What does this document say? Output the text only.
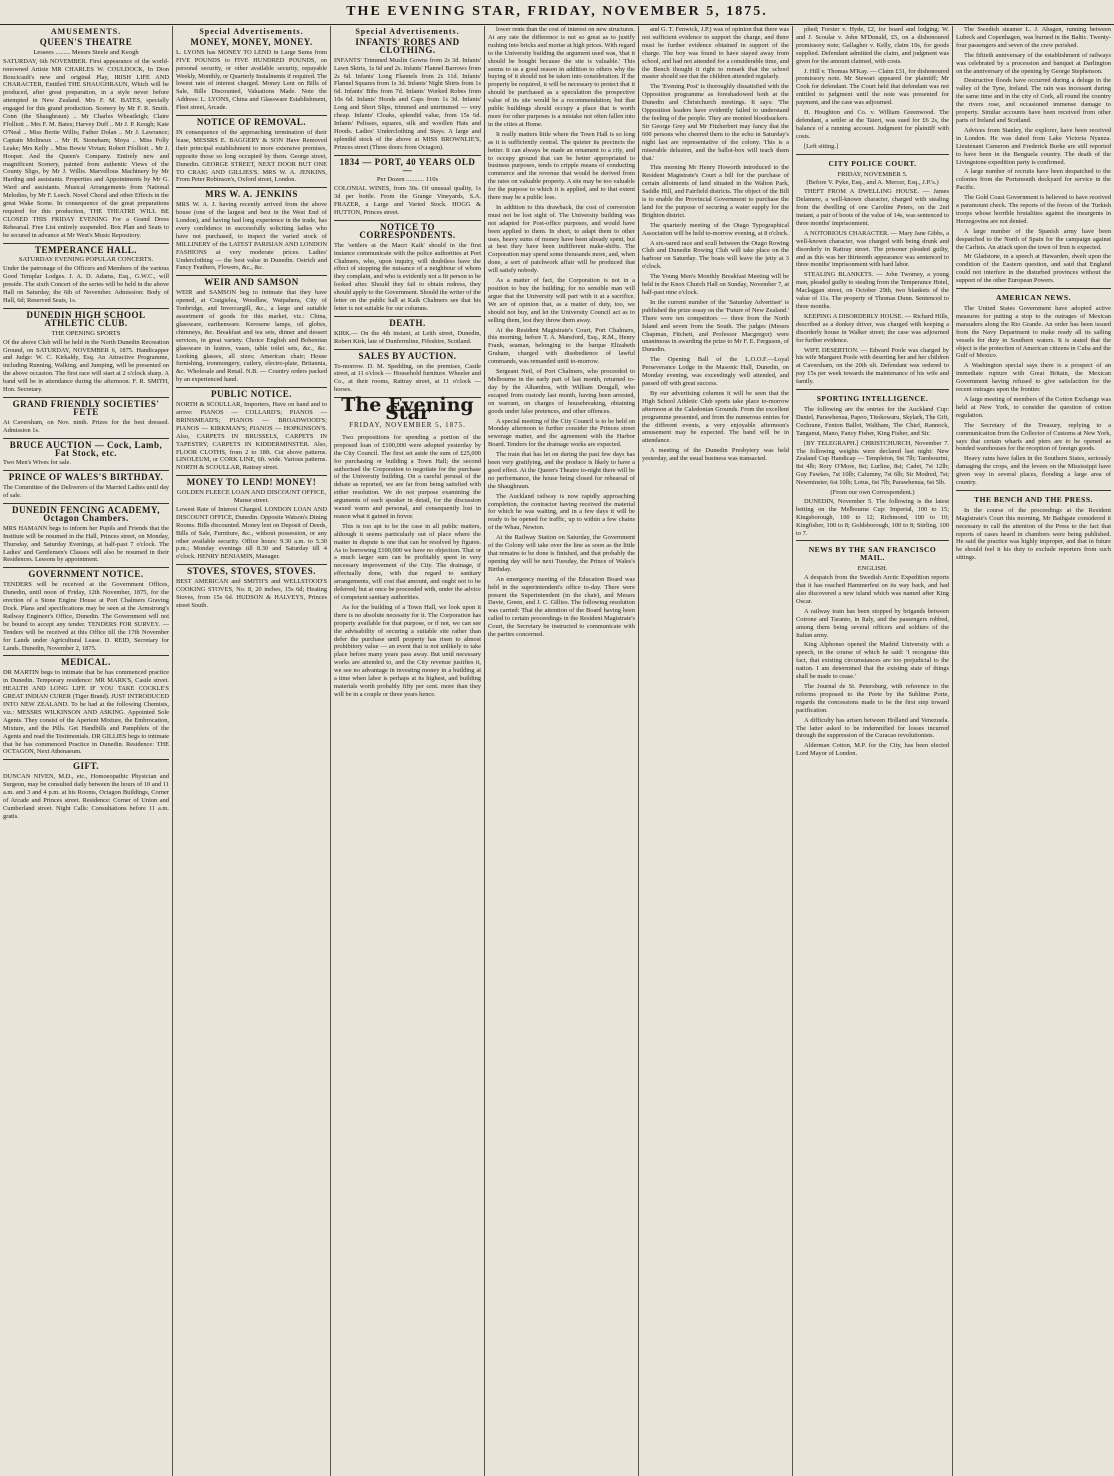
THE EVENING STAR, FRIDAY, NOVEMBER 5, 1875.
AMUSEMENTS.
QUEEN'S THEATRE
Lessees ......... Messrs Steele and Keogh
SATURDAY, 6th NOVEMBER. First appearance of the world-renowned Artiste MR CHARLES W. COULDOCK, In Dion Boucicault's new and original Play, IRISH LIFE AND CHARACTER, Entitled THE SHAUGHRAUN, Which will be produced, after great preparation, in a style never before attempted in New Zealand. Mrs F. M. BATES, specially engaged for this grand production. Scenery by Mr F. R. Smith. Conn (the Shaughraun) .. Mr Charles Wheatleigh; Claire Ffolliott .. Mrs F. M. Bates; Harvey Duff .. Mr J. P. Keogh; Kate O'Neal .. Miss Bertie Willis; Father Dolan .. Mr J. Lawrance; Captain Molineux .. Mr H. Stoneham; Moya .. Miss Polly Leake; Mrs Kelly .. Miss Bowie Vivian; Robert Ffolliott .. Mr J. Hooper. And the Queen's Company. Entirely new and magnificent Scenery, painted from authentic Views of the County Sligo, by Mr J. Willis. Marvellous Machinery by Mr Harding and assistants. Properties and Appointments by Mr G. Ward and assistants. Musical Arrangements from National Melodies, by Mr F. Leech. Novel Choral and other Effects in the great Wake Scene. In consequence of the great preparations required for this production, THE THEATRE WILL BE CLOSED THIS FRIDAY EVENING For a Grand Dress Rehearsal. Free List entirely suspended. Box Plan and Seats to be secured in advance at Mr West's Music Repository.
TEMPERANCE HALL.
SATURDAY EVENING POPULAR CONCERTS.
Under the patronage of the Officers and Members of the various Good Templar Lodges. J. A. D. Adams, Esq., G.W.C., will preside. The sixth Concert of the series will be held in the above Hall on Saturday, the 6th of November. Admission: Body of Hall, 6d; Reserved Seats, 1s.
DUNEDIN HIGH SCHOOL ATHLETIC CLUB.
THE OPENING SPORTS
Of the above Club will be held in the North Dunedin Recreation Ground, on SATURDAY, NOVEMBER 6, 1875. Handicapper and Judge: W. C. Kirkaldy, Esq. An Attractive Programme, including Running, Walking, and Jumping, will be presented on the above occasion. The first race will start at 2 o'clock sharp. A band will be in attendance during the afternoon. F. R. SMITH, Hon. Secretary.
GRAND FRIENDLY SOCIETIES' FETE
At Caversham, on Nov. ninth. Prizes for the best dressed. Admission 1s.
BRUCE AUCTION — Cock, Lamb, Fat Stock, etc.
Two Men's Wives for sale.
PRINCE OF WALES'S BIRTHDAY.
The Committee of the Deliverers of the Married Ladies until day of sale.
DUNEDIN FENCING ACADEMY, Octagon Chambers.
MRS HAMANN begs to inform her Pupils and Friends that the Institute will be resumed in the Hall, Princes street, on Monday, Thursday, and Saturday Evenings, at half-past 7 o'clock. The Ladies' and Gentlemen's Classes will also be resumed in their Residences. Lessons by appointment.
GOVERNMENT NOTICE.
TENDERS will be received at the Government Offices, Dunedin, until noon of Friday, 12th November, 1875, for the erection of a Stone Engine House at Port Chalmers Graving Dock. Plans and specifications may be seen at the Armstrong's Railway Engineer's Office, Dunedin. The Government will not be bound to accept any tender. TENDERS FOR SURVEY. — Tenders will be received at this Office till the 17th November for Lands under Agricultural Lease. D. REID, Secretary for Lands. Dunedin, November 2, 1875.
MEDICAL.
DR MARTIN begs to intimate that he has commenced practice in Dunedin. Temporary residence: MR MARK'S, Castle street. HEALTH AND LONG LIFE IF YOU TAKE COCKLE'S GREAT INDIAN CURER (Tiger Brand). JUST INTRODUCED INTO NEW ZEALAND. To be had at the following Chemists, viz.: MESSRS WILKINSON AND ASKING. Appointed Sole Agents. They consist of the Aperient Mixture, the Embrocation, Mixture, and the Pills. Get Handbills and Pamphlets of the Agents and read the Testimonials. DR GILLIES begs to intimate that he has commenced Practice in Dunedin. Residence: THE OCTAGON, Next Athenaeum.
GIFT.
DUNCAN NIVEN, M.D., etc., Homoeopathic Physician and Surgeon, may be consulted daily between the hours of 10 and 11 a.m. and 3 and 4 p.m. at his Rooms, Octagon Buildings, Corner of Arcade and Princes street. Residence: Corner of Union and Cumberland street. Night Calls: Consultations before 11 a.m. gratis.
Special Advertisements.
MONEY, MONEY, MONEY.
L. LYONS has MONEY TO LEND in Large Sums from FIVE POUNDS to FIVE HUNDRED POUNDS, on personal security, or other available security, repayable Weekly, Monthly, or Quarterly Instalments if required. The lowest rate of interest charged. Money Lent on Bills of Sale, Bills Discounted, Valuations Made. Note the Address: L. LYONS, China and Glassware Establishment, Fleet street, Arcade.
NOTICE OF REMOVAL.
IN consequence of the approaching termination of their lease, MESSRS E. BAGGERY & SON Have Removed their principal establishment to more extensive premises, opposite those so long occupied by them. George street, Dunedin. GEORGE STREET, NEXT DOOR BUT ONE TO CRAIG AND GILLIES'S. MRS W. A. JENKINS, From Peter Robinson's, Oxford street, London.
MRS W. A. JENKINS
MRS W. A. J. having recently arrived from the above house (one of the largest and best in the West End of London), and having had long experience in the trade, has every confidence in successfully soliciting ladies who have not purchased, to inspect the varied stock of MILLINERY of the LATEST PARISIAN AND LONDON FASHIONS at very moderate prices. Ladies' Underclothing — the best value in Dunedin. Ostrich and Fancy Feathers, Flowers, &c., &c.
WEIR AND SAMSON
WEIR and SAMSON beg to intimate that they have opened, at Craigielea, Woodlaw, Waipahera, City of Tonbridge, and Invercargill, &c., a large and suitable assortment of goods for this market, viz.: China, glassware, earthenware. Kerosene lamps, oil globes, chimneys, &c. Breakfast and tea sets, dinner and dessert services, in great variety. Choice English and Bohemian glassware in lustres, vases, table toilet sets, &c., &c. Looking glasses, all sizes; American chair; House furnishing, ironmongery, cutlery, electro-plate, Britannia, &c. Wholesale and Retail. N.B. — Country orders packed by an experienced hand.
PUBLIC NOTICE.
NORTH & SCOULLAR, Importers, Have on hand and to arrive: PIANOS — COLLARD'S; PIANOS — BRINSMEAD'S; PIANOS — BROADWOOD'S; PIANOS — KIRKMAN'S; PIANOS — HOPKINSON'S. Also, CARPETS IN BRUSSELS, CARPETS IN TAPESTRY, CARPETS IN KIDDERMINSTER. Also, FLOOR CLOTHS, from 2 to 18ft. Cut above patterns. LINOLEUM, or CORK LINE, 6ft. wide. Various patterns. NORTH & SCOULLAR, Rattray street.
MONEY TO LEND! MONEY!
GOLDEN FLEECE LOAN AND DISCOUNT OFFICE, Manse street.
Lowest Rate of Interest Charged. LONDON LOAN AND DISCOUNT OFFICE, Dunedin. Opposite Watson's Dining Rooms. Bills discounted. Money lent on Deposit of Deeds, Bills of Sale, Furniture, &c., without possession, or any other available security. Office hours: 9.30 a.m. to 5.30 p.m.; Monday evenings till 8.30 and Saturday till 4 o'clock. HENRY BENJAMIN, Manager.
STOVES, STOVES, STOVES.
BEST AMERICAN and SMITH'S and WELLSTOOD'S COOKING STOVES, No. 8, 20 inches, 15s 6d; Heating Stoves, from 15s 6d. HUDSON & HALVEYS, Princes street South.
Special Advertisements.
INFANTS' ROBES AND CLOTHING.
INFANTS' Trimmed Muslin Gowns from 2s 3d. Infants' Lawn Skirts, 1s 6d and 2s. Infants' Flannel Barrows from 2s 6d. Infants' Long Flannels from 2s 11d. Infants' Flannel Squares from 1s 3d. Infants' Night Shirts from 1s 6d. Infants' Bibs from 7d. Infants' Worked Robes from 10s 6d. Infants' Hoods and Caps from 1s 3d. Infants' Long and Short Slips, trimmed and untrimmed — very cheap. Infants' Cloaks, splendid value, from 15s 6d. Infants' Pelisses, squares, silk and woollen Hats and Hoods. Ladies' Underclothing and Stays. A large and splendid stock of the above at MISS BROWNLIE'S, Princes street (Three doors from Octagon).
1834 — PORT, 40 YEARS OLD —
Per Dozen ........... 110s
COLONIAL WINES, from 30s. Of unusual quality, 1s 3d per bottle. From the Grange Vineyards, S.A. FRAZER, a Large and Varied Stock. HOGG & HUTTON, Princes street.
NOTICE TO CORRESPONDENTS.
The 'settlers at the Macri Kaik' should in the first instance communicate with the police authorities at Port Chalmers, who, upon inquiry, will doubtless have the effect of stopping the nuisance of a neighbour of whom they complain, and who is evidently not a fit person to be looked after. Should they fail to obtain redress, they should apply to the Government. Should the writer of the letter on the public hall at Kaik Chalmers see that his letter is not suitable for our columns.
DEATH.
KIRK.— On the 4th instant, at Leith street, Dunedin, Robert Kirk, late of Dunfermline, Fifeshire, Scotland.
SALES BY AUCTION.
To-morrow. D. M. Spedding, on the premises, Castle street, at 11 o'clock — Household furniture. Wheeler and Co., at their rooms, Rattray street, at 11 o'clock — horses.
The Evening Star
FRIDAY, NOVEMBER 5, 1875.

Two propositions for spending a portion of the proposed loan of £100,000 were adopted yesterday by the City Council. The first set aside the sum of £25,000 for purchasing or building a Town Hall; the second authorised the Corporation to negotiate for the purchase of the University building. On a careful perusal of the debate as reported, we are far from being satisfied with either resolution. We do not purpose examining the arguments of each speaker in detail, for the discussion waxed warm and personal, and consequently lost in reason what it gained in fervor.

This is too apt to be the case in all public matters, although it seems particularly out of place where the matter in dispute is one that can be resolved by figures. As to borrowing £100,000 we have no objection. That or a much larger sum can be profitably spent in very necessary improvement of the City. The drainage, if effectually done, with due regard to sanitary arrangements, will cost that amount, and ought not to be deferred; but at once be proceeded with, under the advice of competent sanitary authorities.

As for the building of a Town Hall, we look upon it there is no absolute necessity for it. The Corporation has property available for that purpose, or if not, we can see the advisability of securing a suitable site rather than defer the purchase until property has risen to almost prohibitory value — an event that is not unlikely to take place before many years pass away. But until necessary works are attended to, and the City revenue justifies it, we see no advantage in investing money in a building at a time when labor is perhaps at its highest, and building materials worth probably fifty per cent. more than they will be in a couple or three years hence.

lower rents than the cost of interest on new structures. At any rate the difference is not so great as to justify rushing into bricks and mortar at high prices. With regard to the University building the argument used was, 'that it should be bought because the site is valuable.' This seems to us a good reason in addition to others why the buying of it should not be taken into consideration. If the property be required, it will be necessary to protect that it should be purchased as a speculation the prospective value of its site would be a recommendation; but that public buildings should occupy a place that is worth more for other purposes is a mistake not often fallen into in the cities at Home.

It really matters little where the Town Hall is so long as it is sufficiently central. The quieter its precincts the better. It can always be made an ornament to a city, and to occupy ground that can be better appropriated to business purposes, tends to cripple means of conducting commerce and the revenue that would be derived from the rates on valuable property. A site may be too valuable for the purpose to which it is applied, and to that extent there may be a public loss.

In addition to this drawback, the cost of conversion must not be lost sight of. The University building was not adapted for Post-office purposes, and would have been applied to them. In short, to adapt them to other uses, heavy sums of money have been already spent, but at best they have been indifferent make-shifts. The Corporation may spend some thousands more, and, when done, a sort of patchwork affair will be produced that will satisfy nobody.

As a matter of fact, the Corporation is not in a position to buy the building; for no sensible man will argue that the University will part with it at a sacrifice. We are of opinion that, as a matter of duty, too, we should not buy, and let the University Council act as to selling them, lest they throw them away.

At the Resident Magistrate's Court, Port Chalmers, this morning, before T. A. Mansford, Esq., R.M., Henry Frank, seaman, belonging to the barque Elizabeth Graham, charged with disobedience of lawful commands, was remanded until to-morrow.

Sergeant Neil, of Port Chalmers, who proceeded to Melbourne in the early part of last month, returned to-day by the Alhambra, with William Dougall, who escaped from custody last month, having been arrested, on warrant, on charges of housebreaking, obtaining goods under false pretences, and other offences.

A special meeting of the City Council is to be held on Monday afternoon to further consider the Princes street sewerage matter, and the agreement with the Harbor Board. Tenders for the drainage works are expected.

The train that has let on during the past few days has been very gratifying, and the produce is likely to have a good effect. At the Queen's Theatre to-night there will be no performance, the house being closed for rehearsal of the Shaughraun.

The Auckland railway is now rapidly approaching completion, the contractor having received the material for which he was waiting, and in a few days it will be ready to be opened for traffic, up to within a few chains of the Whau, Newton.

At the Railway Station on Saturday, the Government of the Colony will take over the line as soon as the little that remains to be done is finished, and that probably the opening day will be next Tuesday, the Prince of Wales's Birthday.

An emergency meeting of the Education Board was held in the superintendent's office to-day. There were present the Superintendent (in the chair), and Messrs Davie, Green, and J. C. Gillies. The following resolution was carried: That the attention of the Board having been called to certain proceedings in the Resident Magistrate's Court, the Secretary be instructed to communicate with the parties concerned.

and G. T. Fenwick, J.P.) was of opinion that there was not sufficient evidence to support the charge, and there must be further evidence obtained in support of the charge. The boy was found to have stayed away from school, and had not attended for a considerable time, and the Bench thought it right to remark that the school master should see that the children attended regularly.

The 'Evening Post' is thoroughly dissatisfied with the Opposition programme as foreshadowed both at the Dunedin and Christchurch meetings. It says: 'The Opposition leaders have evidently failed to understand the feeling of the people. They are monied bloodsuckers. Sir George Grey and Mr Fitzherbert may fancy that the 600 persons who cheered them to the echo in Saturday's night last are representative of the colony. This is a miserable delusion, and the ballot-box will teach them that.'

This morning Mr Henry Howorth introduced to the Resident Magistrate's Court a bill for the purchase of certain allotments of land situated in the Walton Park, Saddle Hill, and Fairfield districts. The object of the Bill is to enable the Provincial Government to purchase the land for the purpose of securing a water supply for the Brighton district.

The quarterly meeting of the Otago Typographical Association will be held to-morrow evening, at 8 o'clock.

A six-oared race and scull between the Otago Rowing Club and Dunedin Rowing Club will take place on the harbour on Saturday. The boats will leave the jetty at 3 o'clock.

The Young Men's Monthly Breakfast Meeting will be held in the Knox Church Hall on Sunday, November 7, at half-past nine o'clock.

In the current number of the 'Saturday Advertiser' is published the prize essay on the 'Future of New Zealand.' There were ten competitors — three from the North Island and seven from the South. The judges (Messrs Chapman, Fitchett, and Professor Macgregor) were unanimous in awarding the prize to Mr F. E. Ferguson, of Dunedin.

The Opening Ball of the L.O.O.F.—Loyal Perseverance Lodge in the Masonic Hall, Dunedin, on Monday evening, was exceedingly well attended, and passed off with great success.

By our advertising columns it will be seen that the High School Athletic Club sports take place to-morrow afternoon at the Caledonian Grounds. From the excellent programme presented, and from the numerous entries for the different events, a very enjoyable afternoon's amusement may be expected. The band will be in attendance.

A meeting of the Dunedin Presbytery was held yesterday, and the usual business was transacted.

plied; Forster v. Hyde, £2, for board and lodging; W. and J. Scoular v. John M'Donald, £5, on a dishonoured promissory note; Gallagher v. Kelly, claim 10s, for goods supplied. Defendant admitted the claim, and judgment was given for the amount claimed, with costs.

J. Hill v. Thomas M'Kay. — Claim £31, for dishonoured promissory note. Mr Stewart appeared for plaintiff; Mr Cook for defendant. The Court held that defendant was not entitled to judgment until the note was presented for payment, and the case was adjourned.

H. Houghton and Co. v. William Greenwood. The defendant, a settler at the Taieri, was sued for £6 2s, the balance of a running account. Judgment for plaintiff with costs.

[Left sitting.]

CITY POLICE COURT.
FRIDAY, NOVEMBER 5.
(Before V. Pyke, Esq., and A. Mercer, Esq., J.P.'s.)

THEFT FROM A DWELLING HOUSE. — James Delamere, a well-known character, charged with stealing from the dwelling of one Caroline Peters, on the 2nd instant, a pair of boots of the value of 14s, was sentenced to three months' imprisonment.

A NOTORIOUS CHARACTER. — Mary Jane Gibbs, a well-known character, was charged with being drunk and disorderly in Rattray street. The prisoner pleaded guilty, and as this was her thirteenth appearance was sentenced to three months' imprisonment with hard labor.

STEALING BLANKETS. — John Twomey, a young man, pleaded guilty to stealing from the Temperance Hotel, Maclaggan street, on October 29th, two blankets of the value of 11s. The property of Thomas Dunn. Sentenced to three months.

KEEPING A DISORDERLY HOUSE. — Richard Hills, described as a donkey driver, was charged with keeping a disorderly house in Walker street; the case was adjourned for further evidence.

WIFE DESERTION. — Edward Poole was charged by his wife Margaret Poole with deserting her and her children at Caversham, on the 20th ult. Defendant was ordered to pay 15s per week towards the maintenance of his wife and family.

SPORTING INTELLIGENCE.

The following are the entries for the Auckland Cup: Daniel, Parawhenua, Papoo, Titokowaru, Skylark, The Gift, Cochrane, Fenton Ballot, Waltham, The Chief, Rannock, Tanganui, Mano, Fancy Fisher, King Fisher, and Sir.

[BY TELEGRAPH.] CHRISTCHURCH, November 7. The following weights were declared last night: New Zealand Cup Handicap — Templeton, 9st 7lb; Tambourini, 8st 4lb; Rory O'More, 8st; Lurline, 8st; Cadet, 7st 12lb; Guy Fawkes, 7st 10lb; Calumny, 7st 6lb; Sir Modred, 7st; Newminster, 6st 10lb; Lotus, 6st 7lb; Parawhenua, 6st 5lb.

(From our own Correspondent.)

DUNEDIN, November 5. The following is the latest betting on the Melbourne Cup: Imperial, 100 to 15; Kingsborough, 100 to 12; Richmond, 100 to 10; Kingfisher, 100 to 8; Goldsborough, 100 to 8; Stirling, 100 to 7.

NEWS BY THE SAN FRANCISCO MAIL.
ENGLISH.

A despatch from the Swedish Arctic Expedition reports that it has reached Hammerfest on its way back, and had also discovered a new island which was named after King Oscar.

A railway train has been stopped by brigands between Cotrone and Taranto, in Italy, and the passengers robbed, among them being several officers and soldiers of the Italian army.

King Alphonso opened the Madrid University with a speech, in the course of which he said: 'I recognise this fact, that existing circumstances are too prejudicial to the nation. I am determined that the existing state of things shall be made to cease.'

The Journal de St. Petersburg, with reference to the reforms proposed to the Porte by the Sublime Porte, regards the concessions made to be the first step toward pacification.

A difficulty has arisen between Holland and Venezuela. The latter asked to be indemnified for losses incurred through the suppression of the Curacao revolutionists.

Alderman Cotton, M.P. for the City, has been elected Lord Mayor of London.

The Swedish steamer L. J. Abagen, running between Lubeck and Copenhagen, was burned in the Baltic. Twenty-four passengers and seven of the crew perished.

The fiftieth anniversary of the establishment of railways was celebrated by a procession and banquet at Darlington on the anniversary of the opening by George Stephenson.

Destructive floods have occurred during a deluge in the valley of the Tyne, Ireland. The rain was incessant during the same time and in the city of Cork, all round the country the rivers rose, and occasioned immense damage to property. Similar accounts have been received from other parts of Ireland and Scotland.

Advices from Stanley, the explorer, have been received in London. He was dated from Lake Victoria Nyanza. Lieutenant Cameron and Frederick Burke are still reported to have been in the Benguela country. The death of the Livingstone expedition party is confirmed.

A large number of recruits have been despatched to the colonies from the Portsmouth dockyard for service in the Pacific.

The Gold Coast Government is believed to have received a paramount check. The reports of the forces of the Turkish troops whose horrible brutalities against the insurgents in Herzegovina are not denied.

A large number of the Spanish army have been despatched to the North of Spain for the campaign against the Carlists. An attack upon the town of Irun is expected.

Mr Gladstone, in a speech at Hawarden, dwelt upon the condition of the Eastern question, and said that England could not interfere in the disturbed provinces without the support of the other European Powers.

AMERICAN NEWS.

The United States Government have adopted active measures for putting a stop to the outrages of Mexican marauders along the Rio Grande. An order has been issued from the Navy Department to make ready all its sailing vessels for duty in Southern waters. It is stated that the object is the protection of American citizens in Cuba and the Gulf of Mexico.

A Washington special says there is a prospect of an immediate rupture with Great Britain, the Mexican Government having refused to give satisfaction for the recent outrages upon the frontier.

A large meeting of members of the Cotton Exchange was held at New York, to consider the question of cotton regulation.

The Secretary of the Treasury, replying to a communication from the Collector of Customs at New York, says that certain wharfs and piers are to be opened as bonded warehouses for the reception of foreign goods.

Heavy rains have fallen in the Southern States, seriously damaging the crops, and the levees on the Mississippi have given way in several places, flooding a large area of country.

THE BENCH AND THE PRESS.

In the course of the proceedings at the Resident Magistrate's Court this morning, Mr Bathgate considered it necessary to call the attention of the Press to the fact that reports of cases heard in chambers were being published. He said the practice was highly improper, and that in future he should feel it his duty to exclude reporters from such sittings.
